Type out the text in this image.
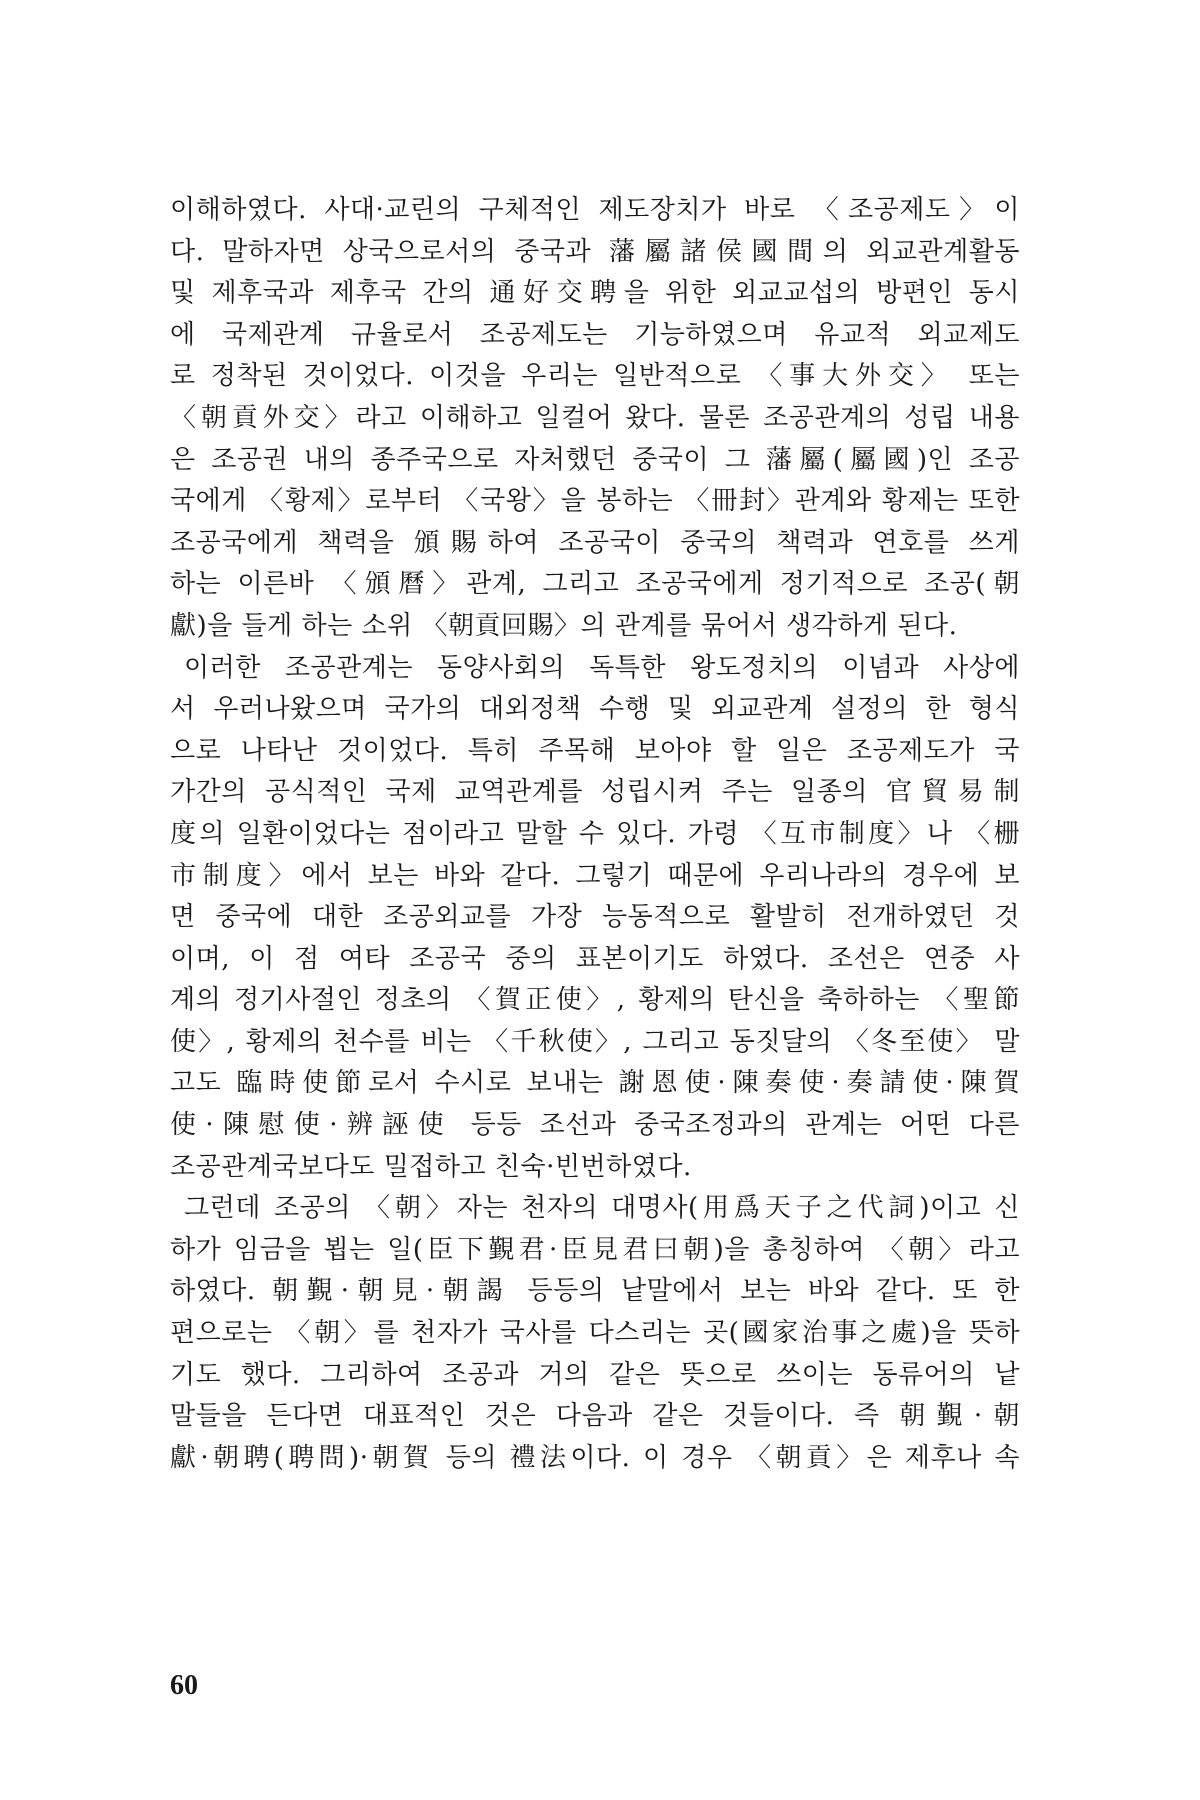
이해하였다. 사대·교린의 구체적인 제도장치가 바로 〈조공제도〉이
다. 말하자면 상국으로서의 중국과 藩屬諸侯國間의 외교관계활동
및 제후국과 제후국 간의 通好交聘을 위한 외교교섭의 방편인 동시
에 국제관계 규율로서 조공제도는 기능하였으며 유교적 외교제도
로 정착된 것이었다. 이것을 우리는 일반적으로 〈事大外交〉 또는
〈朝貢外交〉라고 이해하고 일컬어 왔다. 물론 조공관계의 성립 내용
은 조공권 내의 종주국으로 자처했던 중국이 그 藩屬(屬國)인 조공
국에게 〈황제〉로부터 〈국왕〉을 봉하는 〈冊封〉관계와 황제는 또한
조공국에게 책력을 頒賜하여 조공국이 중국의 책력과 연호를 쓰게
하는 이른바 〈頒曆〉관계, 그리고 조공국에게 정기적으로 조공(朝
獻)을 들게 하는 소위 〈朝貢回賜〉의 관계를 묶어서 생각하게 된다.
이러한 조공관계는 동양사회의 독특한 왕도정치의 이념과 사상에
서 우러나왔으며 국가의 대외정책 수행 및 외교관계 설정의 한 형식
으로 나타난 것이었다. 특히 주목해 보아야 할 일은 조공제도가 국
가간의 공식적인 국제 교역관계를 성립시켜 주는 일종의 官貿易制
度의 일환이었다는 점이라고 말할 수 있다. 가령 〈互市制度〉나 〈栅
市制度〉에서 보는 바와 같다. 그렇기 때문에 우리나라의 경우에 보
면 중국에 대한 조공외교를 가장 능동적으로 활발히 전개하였던 것
이며, 이 점 여타 조공국 중의 표본이기도 하였다. 조선은 연중 사
계의 정기사절인 정초의 〈賀正使〉, 황제의 탄신을 축하하는 〈聖節
使〉, 황제의 천수를 비는 〈千秋使〉, 그리고 동짓달의 〈冬至使〉 말
고도 臨時使節로서 수시로 보내는 謝恩使·陳奏使·奏請使·陳賀
使·陳慰使·辨誣使 등등 조선과 중국조정과의 관계는 어떤 다른
조공관계국보다도 밀접하고 친숙·빈번하였다.
그런데 조공의 〈朝〉자는 천자의 대명사(用爲天子之代詞)이고 신
하가 임금을 뵙는 일(臣下覲君·臣見君曰朝)을 총칭하여 〈朝〉라고
하였다. 朝覲·朝見·朝謁 등등의 낱말에서 보는 바와 같다. 또 한
편으로는 〈朝〉를 천자가 국사를 다스리는 곳(國家治事之處)을 뜻하
기도 했다. 그리하여 조공과 거의 같은 뜻으로 쓰이는 동류어의 낱
말들을 든다면 대표적인 것은 다음과 같은 것들이다. 즉 朝覲·朝
獻·朝聘(聘問)·朝賀 등의 禮法이다. 이 경우 〈朝貢〉은 제후나 속
60
